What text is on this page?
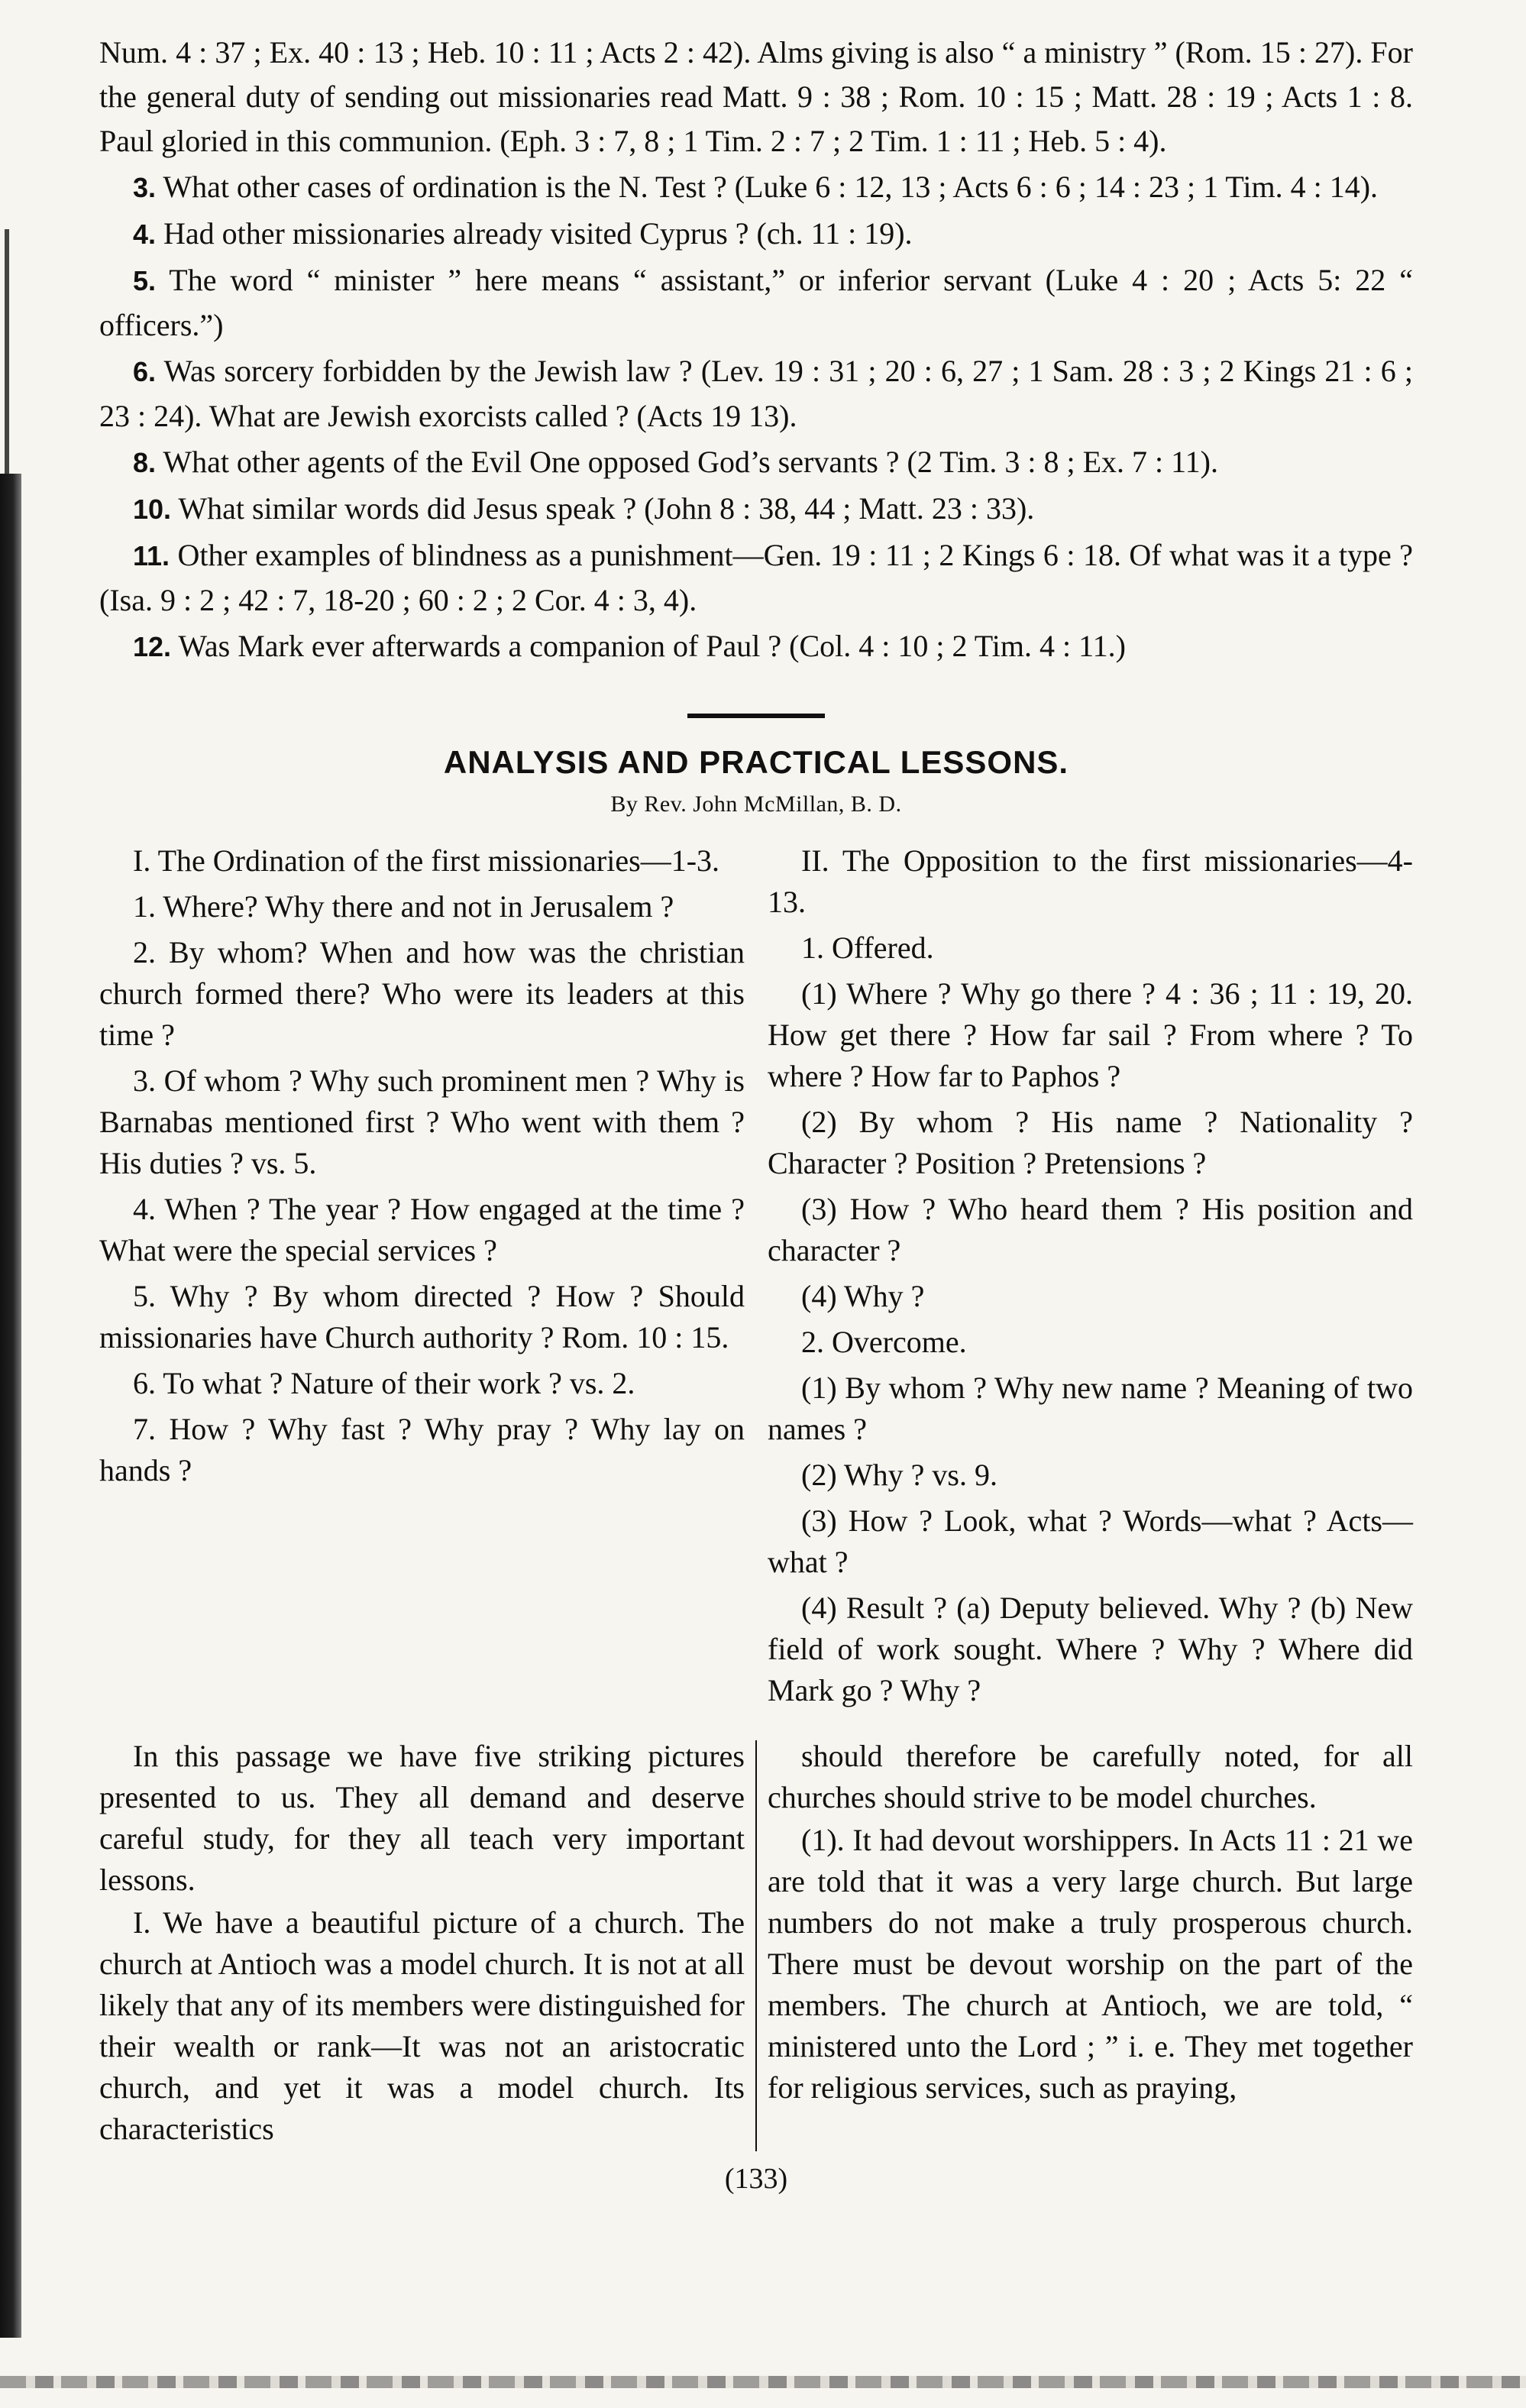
Num. 4 : 37 ; Ex. 40 : 13 ; Heb. 10 : 11 ; Acts 2 : 42). Alms giving is also “ a ministry ” (Rom. 15 : 27). For the general duty of sending out missionaries read Matt. 9 : 38 ; Rom. 10 : 15 ; Matt. 28 : 19 ; Acts 1 : 8. Paul gloried in this communion. (Eph. 3 : 7, 8 ; 1 Tim. 2 : 7 ; 2 Tim. 1 : 11 ; Heb. 5 : 4).

3. What other cases of ordination is the N. Test ? (Luke 6 : 12, 13 ; Acts 6 : 6 ; 14 : 23 ; 1 Tim. 4 : 14).

4. Had other missionaries already visited Cyprus ? (ch. 11 : 19).

5. The word “ minister ” here means “ assistant,” or inferior servant (Luke 4 : 20 ; Acts 5: 22 “ officers.”)

6. Was sorcery forbidden by the Jewish law ? (Lev. 19 : 31 ; 20 : 6, 27 ; 1 Sam. 28 : 3 ; 2 Kings 21 : 6 ; 23 : 24). What are Jewish exorcists called ? (Acts 19 13).

8. What other agents of the Evil One opposed God’s servants ? (2 Tim. 3 : 8 ; Ex. 7 : 11).

10. What similar words did Jesus speak ? (John 8 : 38, 44 ; Matt. 23 : 33).

11. Other examples of blindness as a punishment—Gen. 19 : 11 ; 2 Kings 6 : 18. Of what was it a type ? (Isa. 9 : 2 ; 42 : 7, 18-20 ; 60 : 2 ; 2 Cor. 4 : 3, 4).

12. Was Mark ever afterwards a companion of Paul ? (Col. 4 : 10 ; 2 Tim. 4 : 11.)

ANALYSIS AND PRACTICAL LESSONS.
By Rev. John McMillan, B. D.

I. The Ordination of the first missionaries—1-3.

1. Where? Why there and not in Jerusalem ?

2. By whom? When and how was the christian church formed there? Who were its leaders at this time ?

3. Of whom ? Why such prominent men ? Why is Barnabas mentioned first ? Who went with them ? His duties ? vs. 5.

4. When ? The year ? How engaged at the time ? What were the special services ?

5. Why ? By whom directed ? How ? Should missionaries have Church authority ? Rom. 10 : 15.

6. To what ? Nature of their work ? vs. 2.

7. How ? Why fast ? Why pray ? Why lay on hands ?

II. The Opposition to the first missionaries—4-13.

1. Offered.

(1) Where ? Why go there ? 4 : 36 ; 11 : 19, 20. How get there ? How far sail ? From where ? To where ? How far to Paphos ?

(2) By whom ? His name ? Nationality ? Character ? Position ? Pretensions ?

(3) How ? Who heard them ? His position and character ?

(4) Why ?

2. Overcome.

(1) By whom ? Why new name ? Meaning of two names ?

(2) Why ? vs. 9.

(3) How ? Look, what ? Words—what ? Acts—what ?

(4) Result ? (a) Deputy believed. Why ? (b) New field of work sought. Where ? Why ? Where did Mark go ? Why ?

In this passage we have five striking pictures presented to us. They all demand and deserve careful study, for they all teach very important lessons.

I. We have a beautiful picture of a church. The church at Antioch was a model church. It is not at all likely that any of its members were distinguished for their wealth or rank—It was not an aristocratic church, and yet it was a model church. Its characteristics

should therefore be carefully noted, for all churches should strive to be model churches.

(1). It had devout worshippers. In Acts 11 : 21 we are told that it was a very large church. But large numbers do not make a truly prosperous church. There must be devout worship on the part of the members. The church at Antioch, we are told, “ ministered unto the Lord ; ” i. e. They met together for religious services, such as praying,

(133)
